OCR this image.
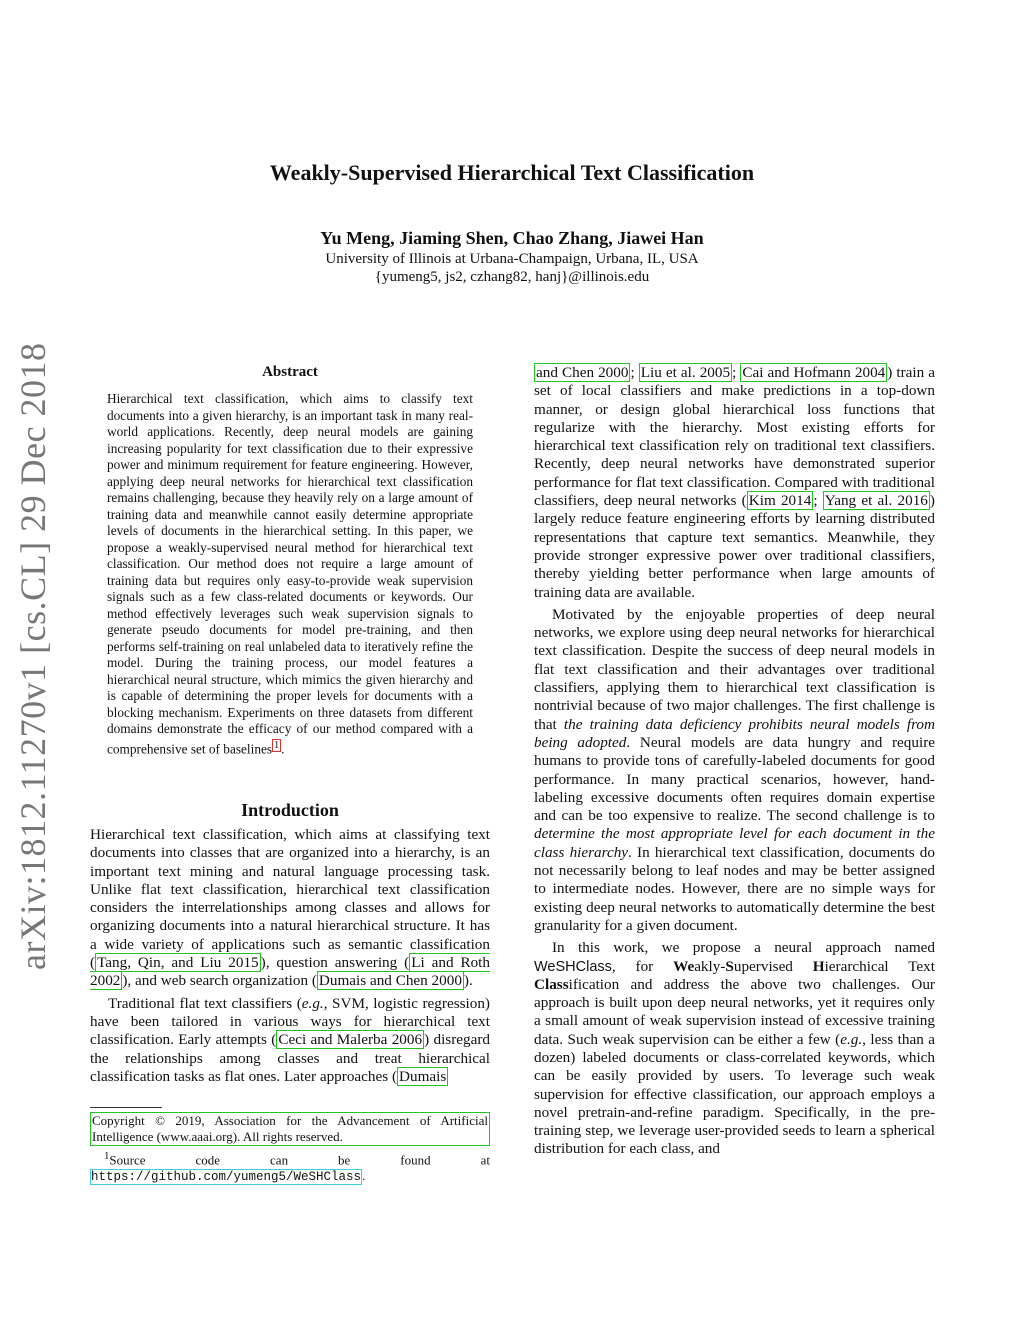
arXiv:1812.11270v1 [cs.CL] 29 Dec 2018
Weakly-Supervised Hierarchical Text Classification
Yu Meng, Jiaming Shen, Chao Zhang, Jiawei Han
University of Illinois at Urbana-Champaign, Urbana, IL, USA
{yumeng5, js2, czhang82, hanj}@illinois.edu
Abstract
Hierarchical text classification, which aims to classify text documents into a given hierarchy, is an important task in many real-world applications. Recently, deep neural models are gaining increasing popularity for text classification due to their expressive power and minimum requirement for feature engineering. However, applying deep neural networks for hierarchical text classification remains challenging, because they heavily rely on a large amount of training data and meanwhile cannot easily determine appropriate levels of documents in the hierarchical setting. In this paper, we propose a weakly-supervised neural method for hierarchical text classification. Our method does not require a large amount of training data but requires only easy-to-provide weak supervision signals such as a few class-related documents or keywords. Our method effectively leverages such weak supervision signals to generate pseudo documents for model pre-training, and then performs self-training on real unlabeled data to iteratively refine the model. During the training process, our model features a hierarchical neural structure, which mimics the given hierarchy and is capable of determining the proper levels for documents with a blocking mechanism. Experiments on three datasets from different domains demonstrate the efficacy of our method compared with a comprehensive set of baselines $^1$ .
Introduction

Hierarchical text classification, which aims at classifying text documents into classes that are organized into a hierarchy, is an important text mining and natural language processing task. Unlike flat text classification, hierarchical text classification considers the interrelationships among classes and allows for organizing documents into a natural hierarchical structure. It has a wide variety of applications such as semantic classification ( Tang, Qin, and Liu 2015 ), question answering ( Li and Roth 2002 ), and web search organization ( Dumais and Chen 2000 ).

Traditional flat text classifiers (e.g., SVM, logistic regression) have been tailored in various ways for hierarchical text classification. Early attempts ( Ceci and Malerba 2006 ) disregard the relationships among classes and treat hierarchical classification tasks as flat ones. Later approaches ( Dumais

Copyright © 2019, Association for the Advancement of Artificial Intelligence (www.aaai.org). All rights reserved.
$^1$Source code can be found at https://github.com/yumeng5/WeSHClass.

and Chen 2000 ; Liu et al. 2005 ; Cai and Hofmann 2004 ) train a set of local classifiers and make predictions in a top-down manner, or design global hierarchical loss functions that regularize with the hierarchy. Most existing efforts for hierarchical text classification rely on traditional text classifiers. Recently, deep neural networks have demonstrated superior performance for flat text classification. Compared with traditional classifiers, deep neural networks ( Kim 2014 ; Yang et al. 2016 ) largely reduce feature engineering efforts by learning distributed representations that capture text semantics. Meanwhile, they provide stronger expressive power over traditional classifiers, thereby yielding better performance when large amounts of training data are available.

Motivated by the enjoyable properties of deep neural networks, we explore using deep neural networks for hierarchical text classification. Despite the success of deep neural models in flat text classification and their advantages over traditional classifiers, applying them to hierarchical text classification is nontrivial because of two major challenges. The first challenge is that the training data deficiency prohibits neural models from being adopted. Neural models are data hungry and require humans to provide tons of carefully-labeled documents for good performance. In many practical scenarios, however, hand-labeling excessive documents often requires domain expertise and can be too expensive to realize. The second challenge is to determine the most appropriate level for each document in the class hierarchy. In hierarchical text classification, documents do not necessarily belong to leaf nodes and may be better assigned to intermediate nodes. However, there are no simple ways for existing deep neural networks to automatically determine the best granularity for a given document.

In this work, we propose a neural approach named WeSHClass, for Weakly-Supervised Hierarchical Text Classification and address the above two challenges. Our approach is built upon deep neural networks, yet it requires only a small amount of weak supervision instead of excessive training data. Such weak supervision can be either a few (e.g., less than a dozen) labeled documents or class-correlated keywords, which can be easily provided by users. To leverage such weak supervision for effective classification, our approach employs a novel pretrain-and-refine paradigm. Specifically, in the pre-training step, we leverage user-provided seeds to learn a spherical distribution for each class, and
